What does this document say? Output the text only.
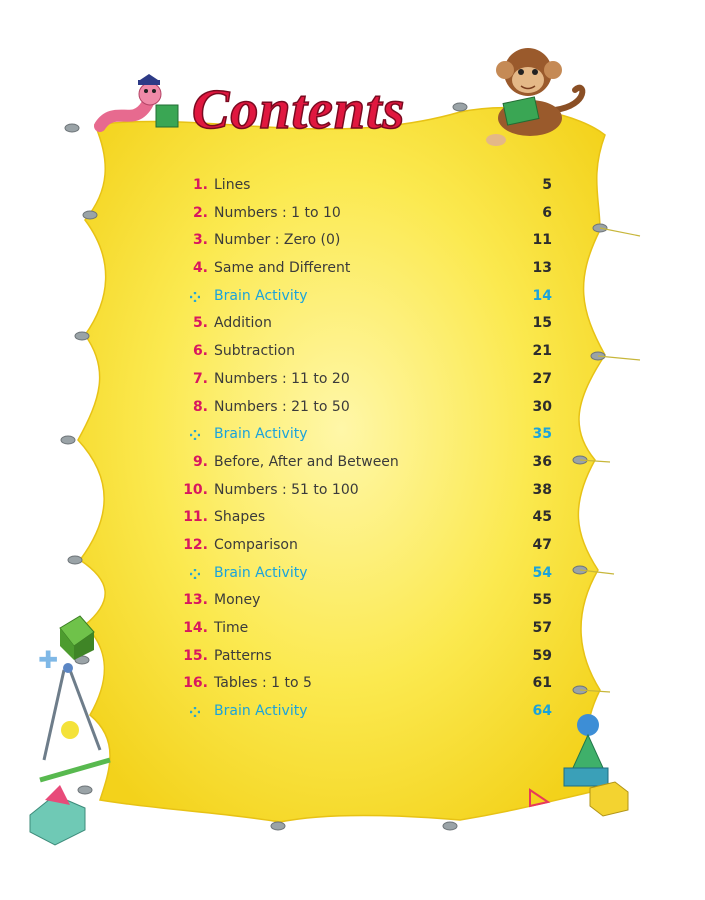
✚
Contents
1. Lines	5
2. Numbers : 1 to 10	6
3. Number : Zero (0)	11
4. Same and Different	13
Brain Activity	14
5. Addition	15
6. Subtraction	21
7. Numbers : 11 to 20	27
8. Numbers : 21 to 50	30
Brain Activity	35
9. Before, After and Between	36
10. Numbers : 51 to 100	38
11. Shapes	45
12. Comparison	47
Brain Activity	54
13. Money	55
14. Time	57
15. Patterns	59
16. Tables : 1 to 5	61
Brain Activity	64
